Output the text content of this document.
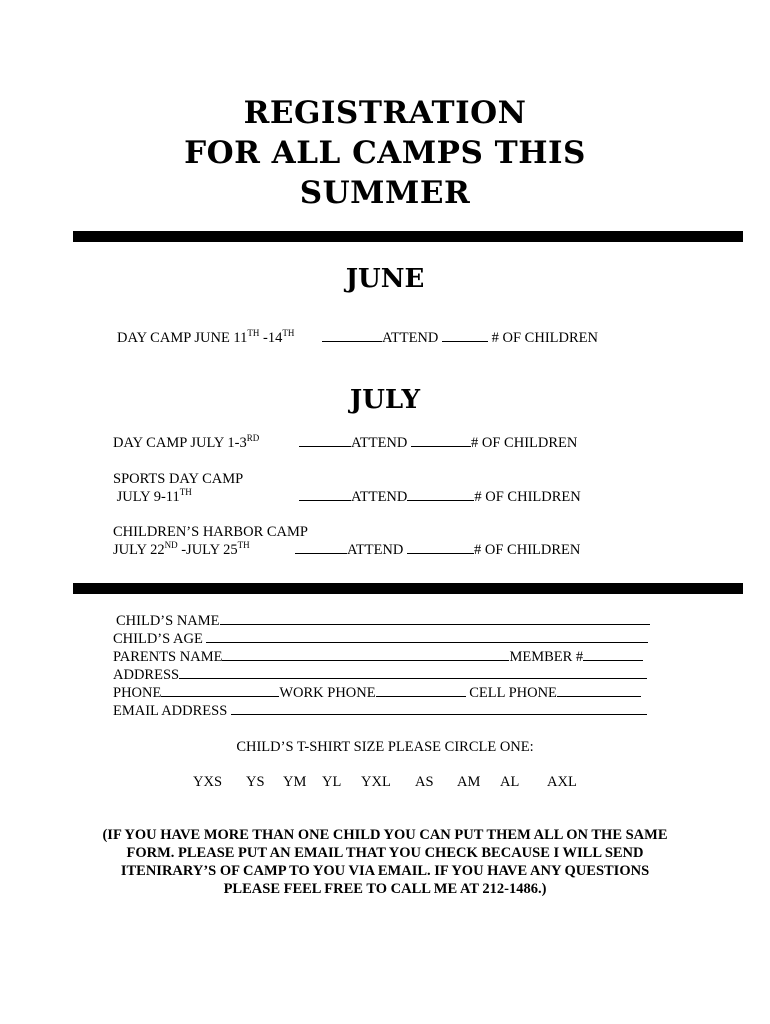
REGISTRATION
FOR ALL CAMPS THIS
SUMMER
JUNE
DAY CAMP JUNE 11TH -14TH	ATTEND	# OF CHILDREN
JULY
DAY CAMP JULY 1-3RD	ATTEND	# OF CHILDREN
SPORTS DAY CAMP
JULY 9-11TH	ATTEND	# OF CHILDREN
CHILDREN’S HARBOR CAMP
JULY 22ND -JULY 25TH	ATTEND	# OF CHILDREN
CHILD’S NAME
CHILD’S AGE
PARENTS NAME	MEMBER #
ADDRESS
PHONE	WORK PHONE	CELL PHONE
EMAIL ADDRESS
CHILD’S T-SHIRT SIZE PLEASE CIRCLE ONE:
YXS YS YM YL YXL AS AM AL AXL
(IF YOU HAVE MORE THAN ONE CHILD YOU CAN PUT THEM ALL ON THE SAME FORM. PLEASE PUT AN EMAIL THAT YOU CHECK BECAUSE I WILL SEND ITENIRARY’S OF CAMP TO YOU VIA EMAIL. IF YOU HAVE ANY QUESTIONS PLEASE FEEL FREE TO CALL ME AT 212-1486.)
